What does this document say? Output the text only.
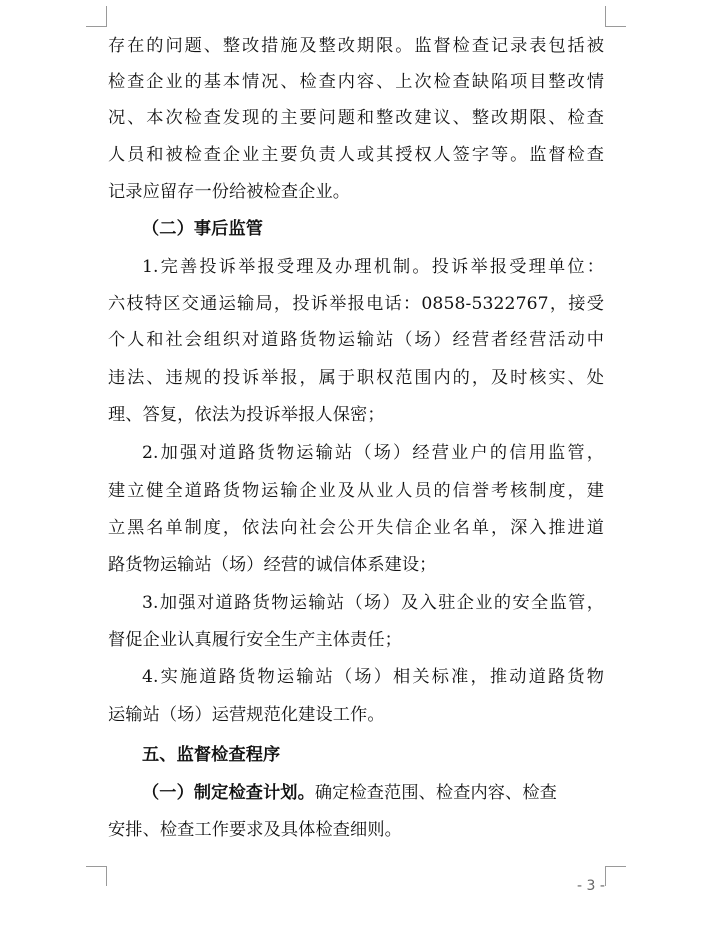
存在的问题、整改措施及整改期限。监督检查记录表包括被
检查企业的基本情况、检查内容、上次检查缺陷项目整改情
况、本次检查发现的主要问题和整改建议、整改期限、检查
人员和被检查企业主要负责人或其授权人签字等。监督检查
记录应留存一份给被检查企业。
（二）事后监管
1.完善投诉举报受理及办理机制。投诉举报受理单位：
六枝特区交通运输局，投诉举报电话：0858-5322767，接受
个人和社会组织对道路货物运输站（场）经营者经营活动中
违法、违规的投诉举报，属于职权范围内的，及时核实、处
理、答复，依法为投诉举报人保密；
2.加强对道路货物运输站（场）经营业户的信用监管，
建立健全道路货物运输企业及从业人员的信誉考核制度，建
立黑名单制度，依法向社会公开失信企业名单，深入推进道
路货物运输站（场）经营的诚信体系建设；
3.加强对道路货物运输站（场）及入驻企业的安全监管，
督促企业认真履行安全生产主体责任；
4.实施道路货物运输站（场）相关标准，推动道路货物
运输站（场）运营规范化建设工作。
五、监督检查程序
（一）制定检查计划。确定检查范围、检查内容、检查
安排、检查工作要求及具体检查细则。
- 3 -
